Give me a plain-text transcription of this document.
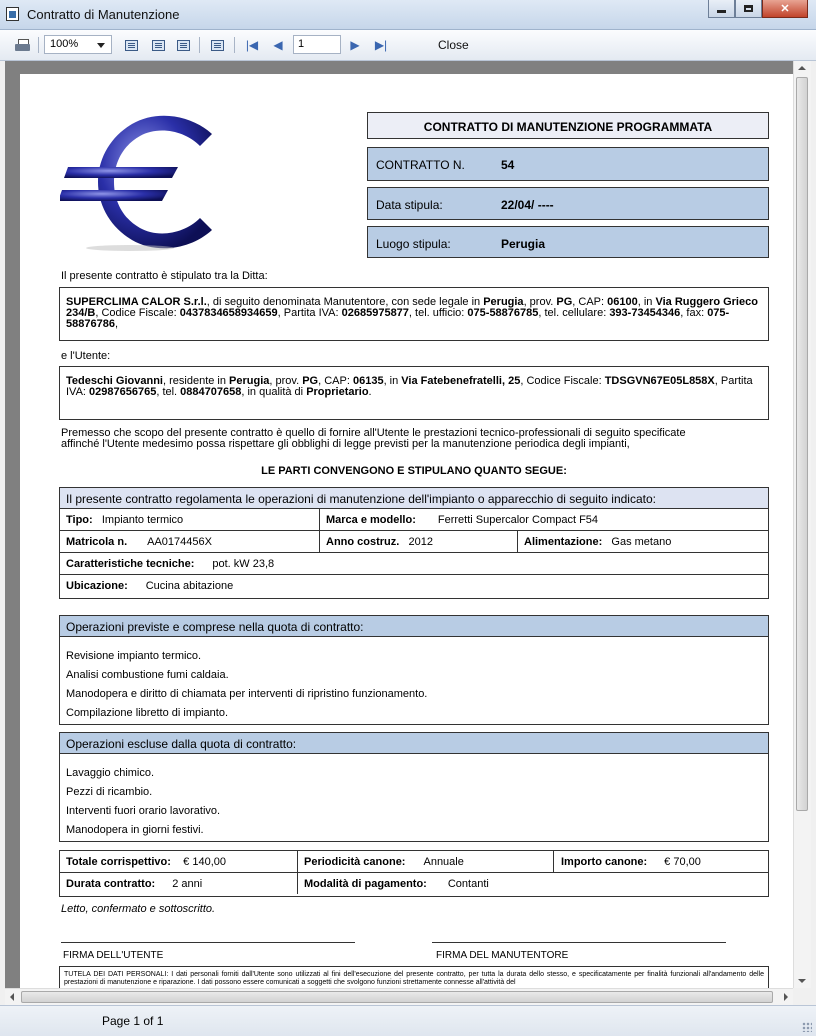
Contratto di Manutenzione	✕
100%	|◀ ◀	1	▶ ▶|	Close
CONTRATTO DI MANUTENZIONE PROGRAMMATA
CONTRATTO N.	54
Data stipula:	22/04/ ----
Luogo stipula:	Perugia
Il presente contratto è stipulato tra la Ditta:
SUPERCLIMA CALOR S.r.l., di seguito denominata Manutentore, con sede legale in Perugia, prov. PG, CAP: 06100, in Via Ruggero Grieco 234/B, Codice Fiscale: 0437834658934659, Partita IVA: 02685975877, tel. ufficio: 075-58876785, tel. cellulare: 393-73454346, fax: 075-58876786,
e l'Utente:
Tedeschi Giovanni, residente in Perugia, prov. PG, CAP: 06135, in Via Fatebenefratelli, 25, Codice Fiscale: TDSGVN67E05L858X, Partita IVA: 02987656765, tel. 0884707658, in qualità di Proprietario.
Premesso che scopo del presente contratto è quello di fornire all'Utente le prestazioni tecnico-professionali di seguito specificate
affinché l'Utente medesimo possa rispettare gli obblighi di legge previsti per la manutenzione periodica degli impianti,
LE PARTI CONVENGONO E STIPULANO QUANTO SEGUE:
Il presente contratto regolamenta le operazioni di manutenzione dell'impianto o apparecchio di seguito indicato:
Tipo: Impianto termico	Marca e modello: Ferretti Supercalor Compact F54
Matricola n. AA0174456X	Anno costruz. 2012	Alimentazione: Gas metano
Caratteristiche tecniche: pot. kW 23,8
Ubicazione: Cucina abitazione
Operazioni previste e comprese nella quota di contratto:
Revisione impianto termico.
Analisi combustione fumi caldaia.
Manodopera e diritto di chiamata per interventi di ripristino funzionamento.
Compilazione libretto di impianto.
Operazioni escluse dalla quota di contratto:
Lavaggio chimico.
Pezzi di ricambio.
Interventi fuori orario lavorativo.
Manodopera in giorni festivi.
Totale corrispettivo: € 140,00	Periodicità canone: Annuale	Importo canone: € 70,00
Durata contratto: 2 anni	Modalità di pagamento: Contanti
Letto, confermato e sottoscritto.
FIRMA DELL'UTENTE	FIRMA DEL MANUTENTORE
TUTELA DEI DATI PERSONALI: I dati personali forniti dall'Utente sono utilizzati al fini dell'esecuzione del presente contratto, per tutta la durata dello stesso, e specificatamente per finalità funzionali all'andamento delle prestazioni di manutenzione e riparazione. I dati possono essere comunicati a soggetti che svolgono funzioni strettamente connesse all'attività del
Page 1 of 1
